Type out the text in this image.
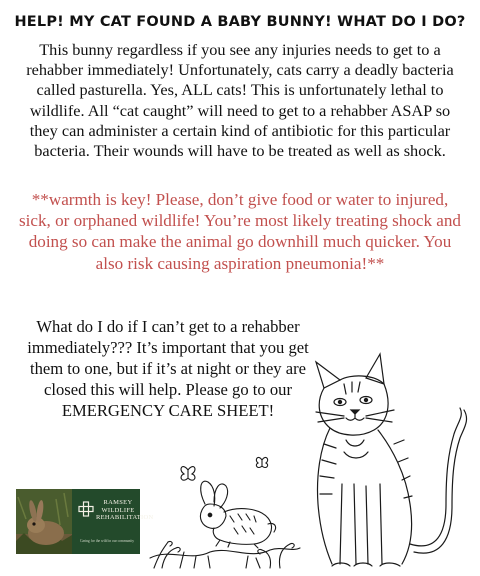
HELP! MY CAT FOUND A BABY BUNNY! WHAT DO I DO?
This bunny regardless if you see any injuries needs to get to a rehabber immediately! Unfortunately, cats carry a deadly bacteria called pasturella. Yes, ALL cats! This is unfortunately lethal to wildlife. All “cat caught” will need to get to a rehabber ASAP so they can administer a certain kind of antibiotic for this particular bacteria. Their wounds will have to be treated as well as shock.
**warmth is key! Please, don’t give food or water to injured, sick, or orphaned wildlife! You’re most likely treating shock and doing so can make the animal go downhill much quicker. You also risk causing aspiration pneumonia!**
What do I do if I can’t get to a rehabber immediately??? It’s important that you get them to one, but if it’s at night or they are closed this will help. Please go to our EMERGENCY CARE SHEET!
RAMSEY
WILDLIFE
REHABILITATION
Caring for the wild in our community
